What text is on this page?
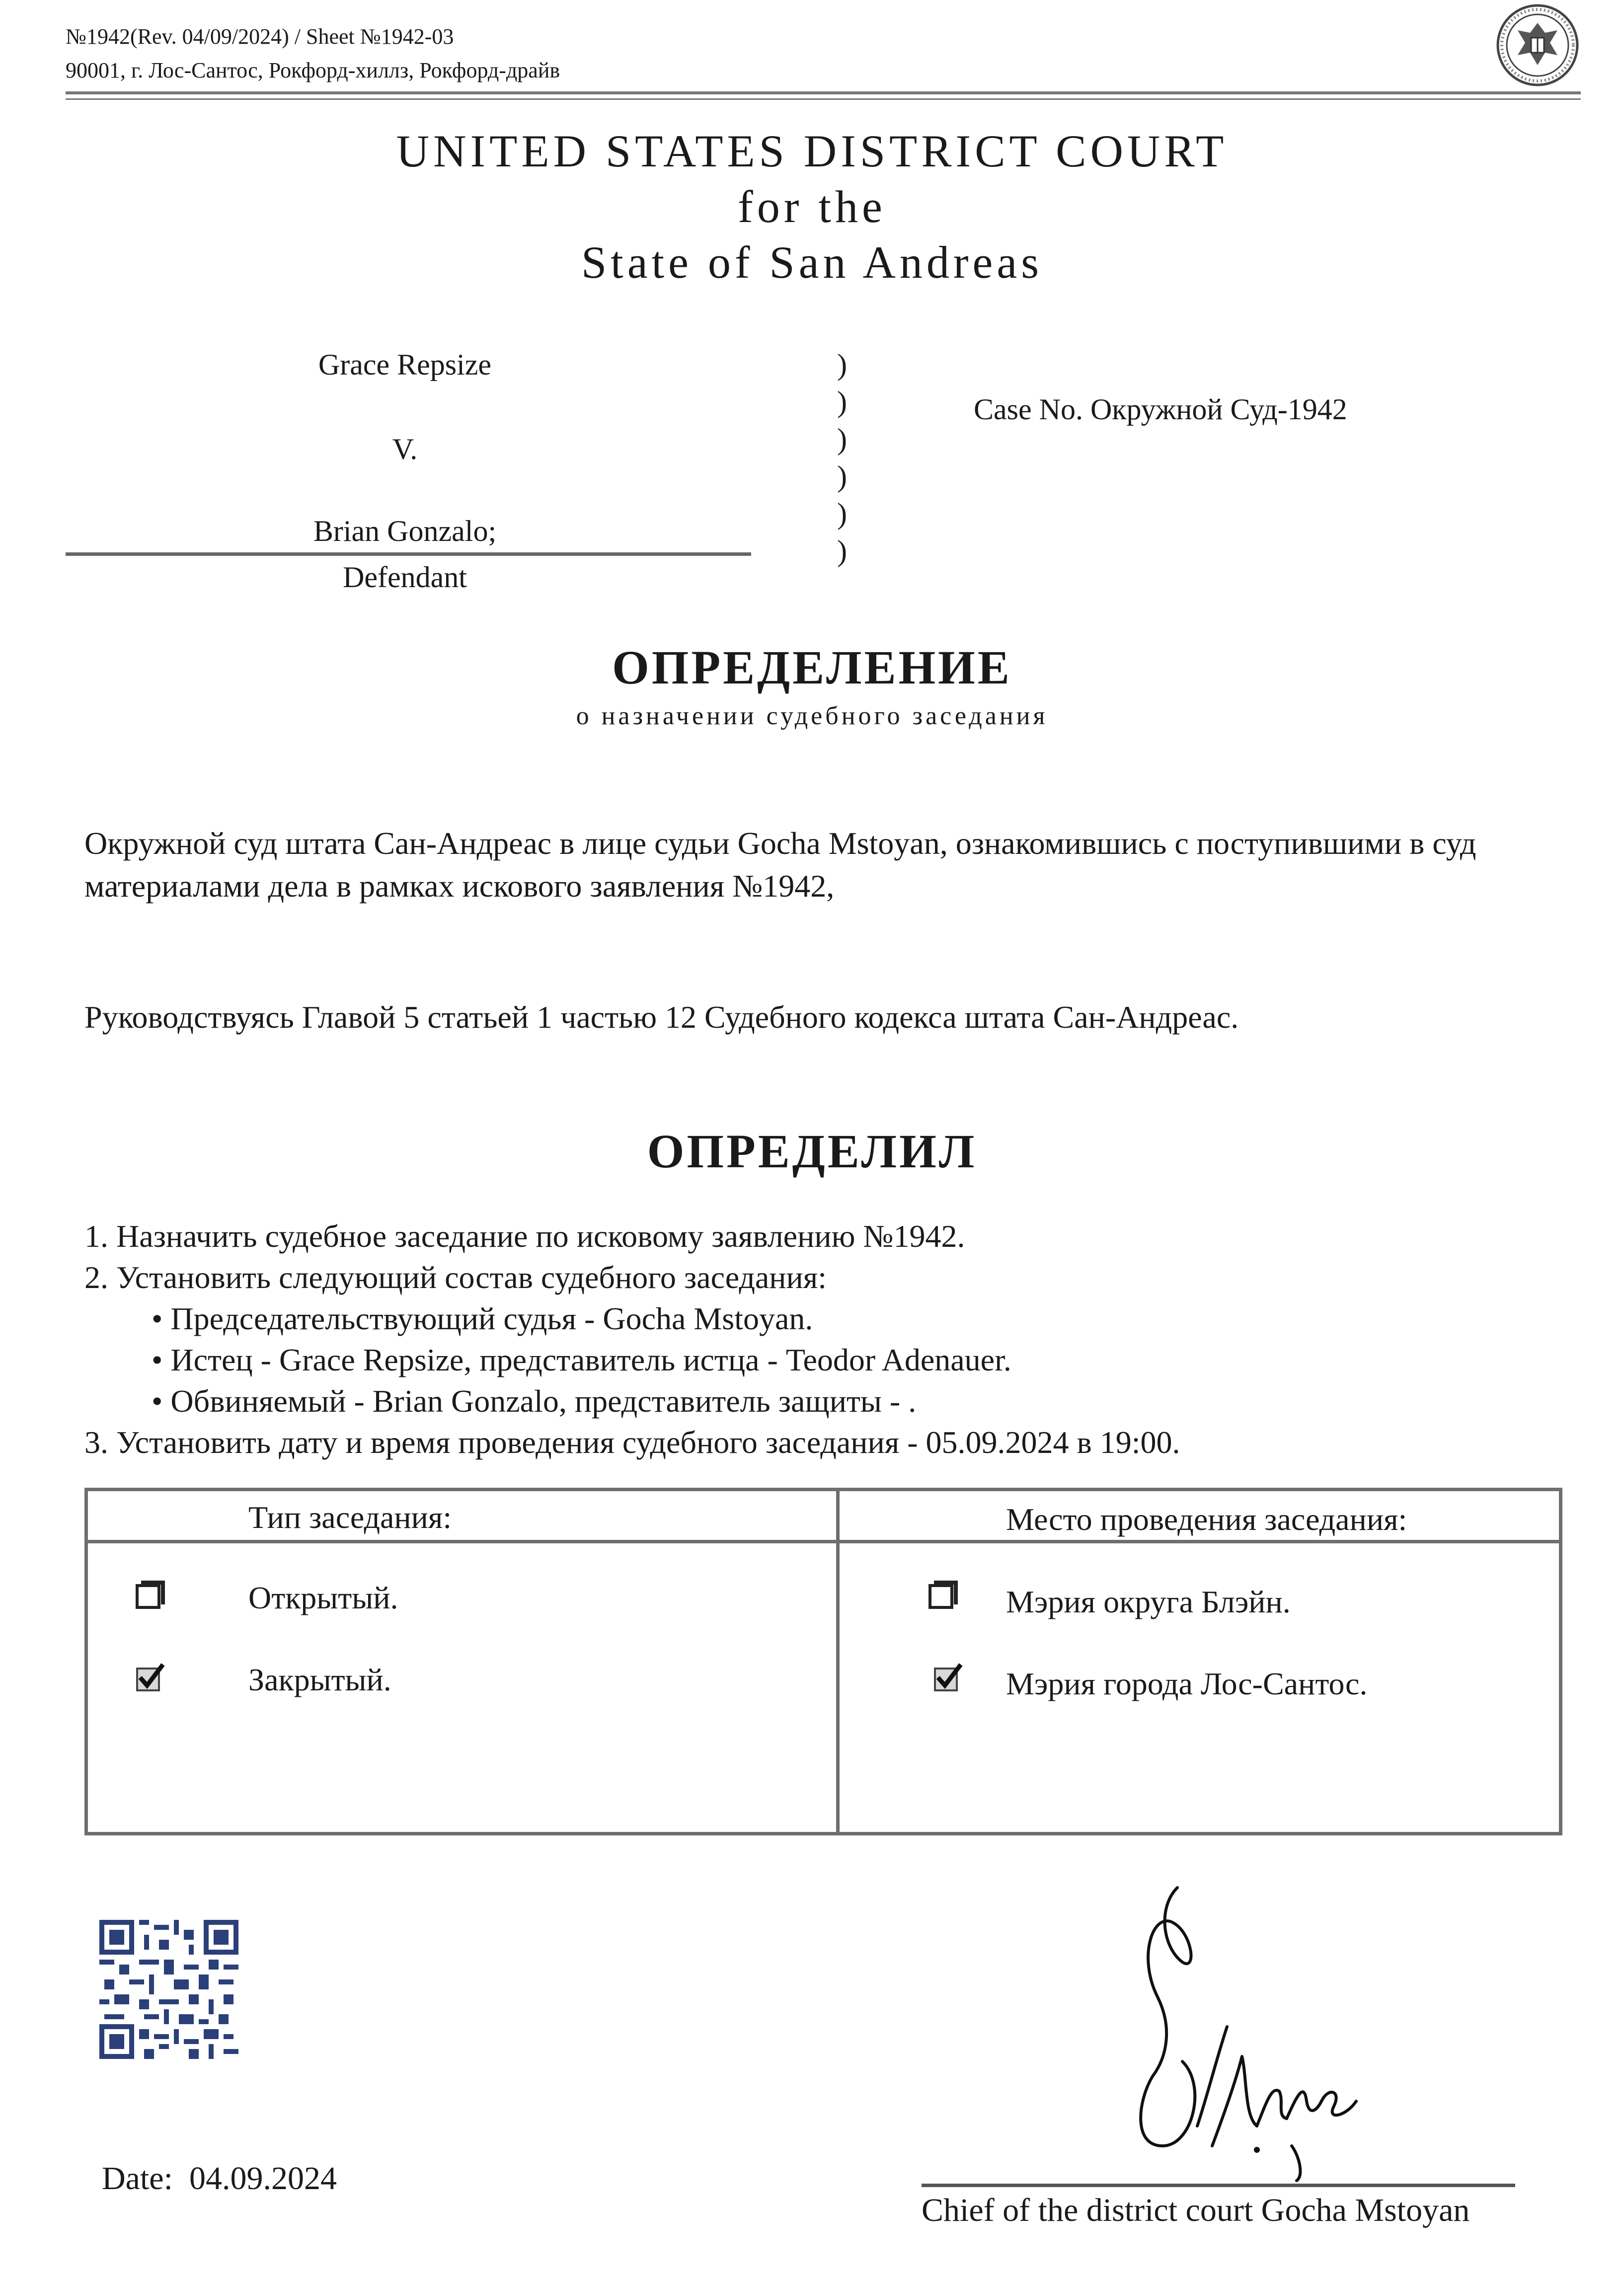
№1942(Rev. 04/09/2024) / Sheet №1942-03
90001, г. Лос-Сантос, Рокфорд-хиллз, Рокфорд-драйв
UNITED STATES DISTRICT COURT
for the
State of San Andreas
Grace Repsize
V.
Brian Gonzalo;
Defendant
)
)
)
)
)
)
Case No. Окружной Суд-1942
ОПРЕДЕЛЕНИЕ
о назначении судебного заседания
Окружной суд штата Сан-Андреас в лице судьи Gocha Mstoyan, ознакомившись с поступившими в суд материалами дела в рамках искового заявления №1942,
Руководствуясь Главой 5 статьей 1 частью 12 Судебного кодекса штата Сан-Андреас.
ОПРЕДЕЛИЛ
1. Назначить судебное заседание по исковому заявлению №1942.
2. Установить следующий состав судебного заседания:
• Председательствующий судья - Gocha Mstoyan.
• Истец - Grace Repsize, представитель истца - Teodor Adenauer.
• Обвиняемый - Brian Gonzalo, представитель защиты - .
3. Установить дату и время проведения судебного заседания - 05.09.2024 в 19:00.
Тип заседания:	Место проведения заседания:
Открытый.
Закрытый.
Мэрия округа Блэйн.
Мэрия города Лос-Сантос.
Date: 04.09.2024
Chief of the district court Gocha Mstoyan
